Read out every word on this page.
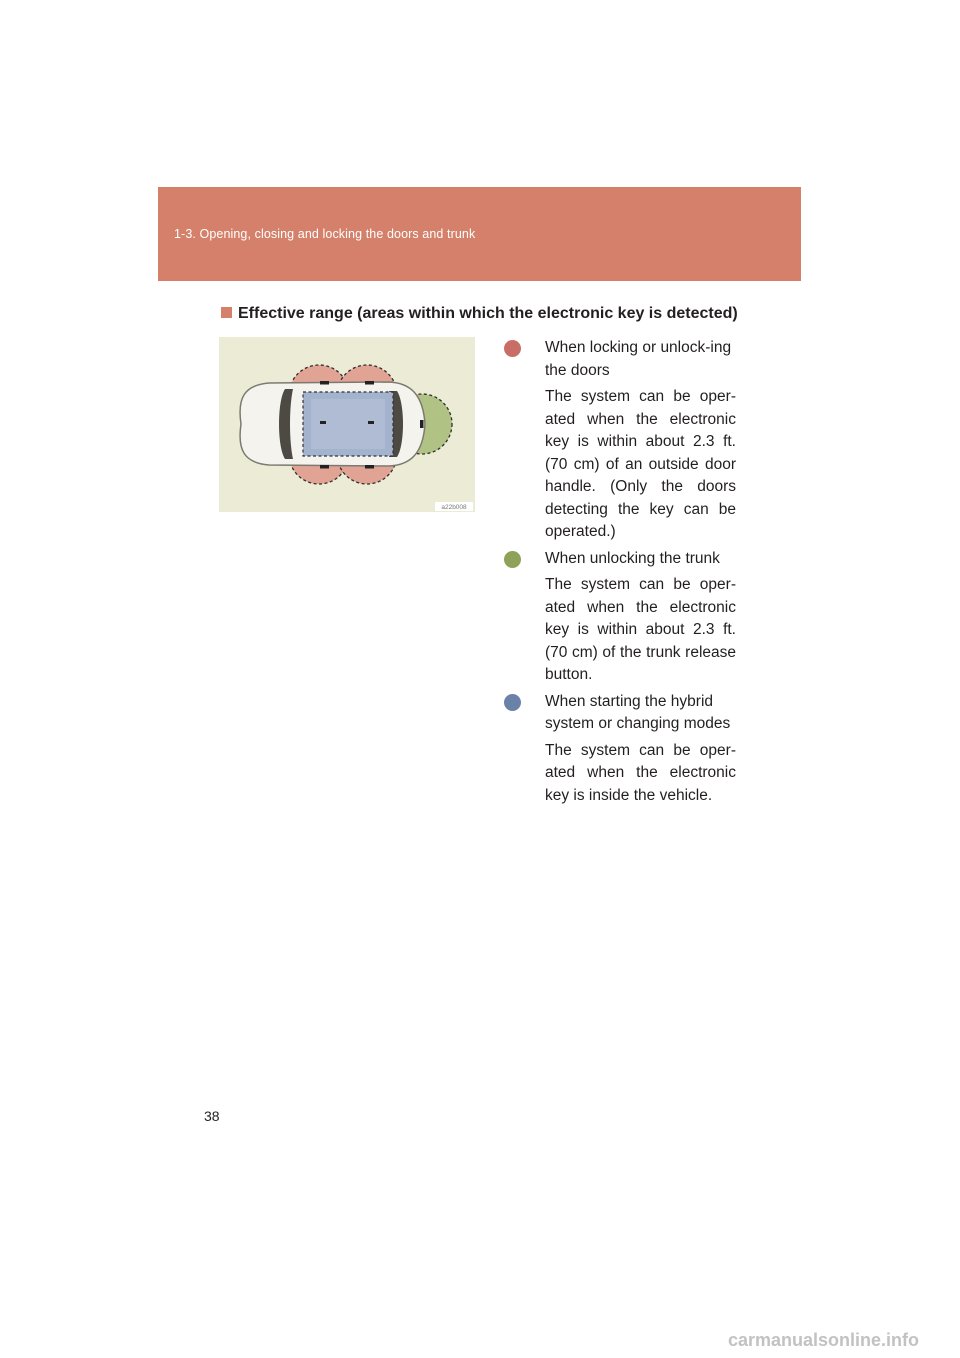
1-3. Opening, closing and locking the doors and trunk
Effective range (areas within which the electronic key is detected)
a22b008

When locking or unlock-ing the doors

The system can be oper-ated when the electronic key is within about 2.3 ft. (70 cm) of an outside door handle. (Only the doors detecting the key can be operated.)

When unlocking the trunk

The system can be oper-ated when the electronic key is within about 2.3 ft. (70 cm) of the trunk release button.

When starting the hybrid system or changing modes

The system can be oper-ated when the electronic key is inside the vehicle.

38
carmanualsonline.info
